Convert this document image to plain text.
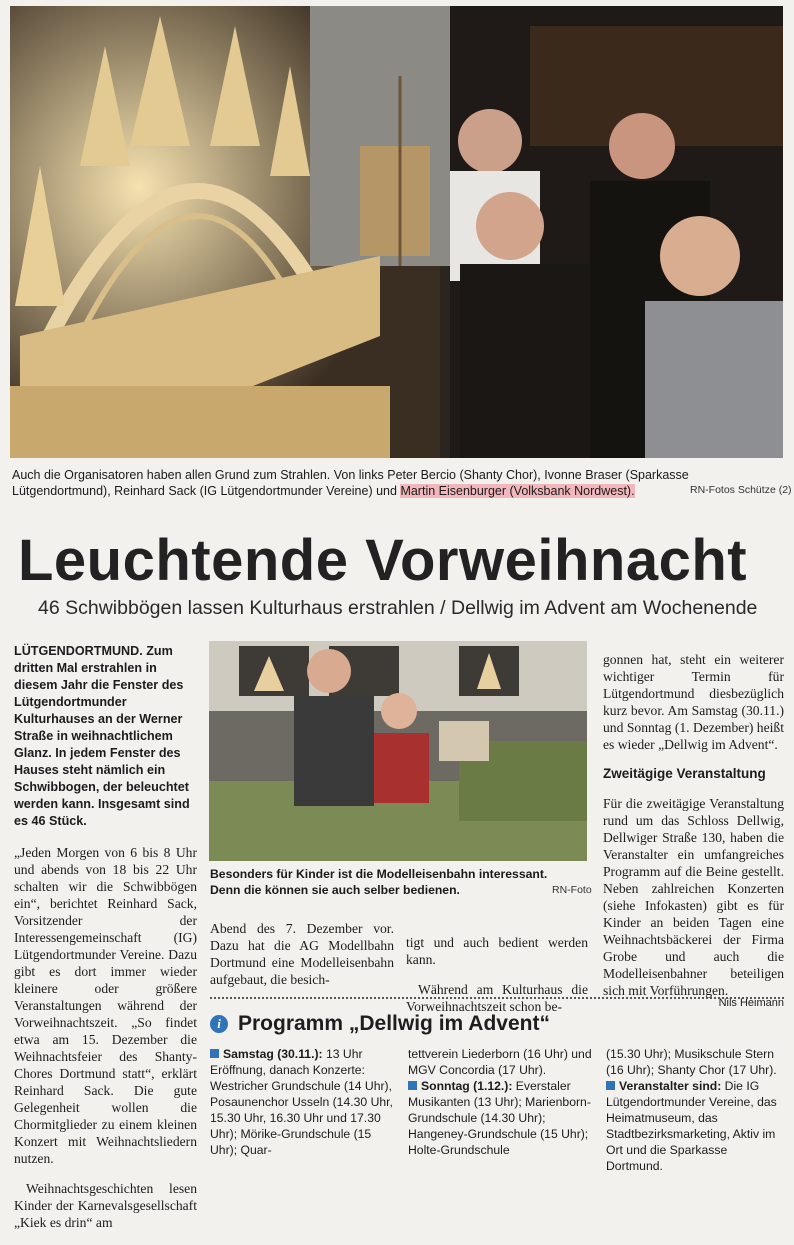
Auch die Organisatoren haben allen Grund zum Strahlen. Von links Peter Bercio (Shanty Chor), Ivonne Braser (Sparkasse Lütgendortmund), Reinhard Sack (IG Lütgendortmunder Vereine) und Martin Eisenburger (Volksbank Nordwest).	RN-Fotos Schütze (2)
Leuchtende Vorweihnacht
46 Schwibbögen lassen Kulturhaus erstrahlen / Dellwig im Advent am Wochenende

LÜTGENDORTMUND. Zum dritten Mal erstrahlen in diesem Jahr die Fenster des Lütgendortmunder Kulturhauses an der Werner Straße in weihnachtlichem Glanz. In jedem Fenster des Hauses steht nämlich ein Schwibbogen, der beleuchtet werden kann. Insgesamt sind es 46 Stück.

„Jeden Morgen von 6 bis 8 Uhr und abends von 18 bis 22 Uhr schalten wir die Schwibbögen ein“, berichtet Reinhard Sack, Vorsitzender der Interessengemeinschaft (IG) Lütgendortmunder Vereine. Dazu gibt es dort immer wieder kleinere oder größere Veranstaltungen während der Vorweihnachtszeit. „So findet etwa am 15. Dezember die Weihnachtsfeier des Shanty-Chores Dortmund statt“, erklärt Reinhard Sack. Die gute Gelegenheit wollen die Chormitglieder zu einem kleinen Konzert mit Weihnachtsliedern nutzen.

Weihnachtsgeschichten lesen Kinder der Karnevalsgesellschaft „Kiek es drin“ am

Besonders für Kinder ist die Modelleisenbahn interessant. Denn die können sie auch selber bedienen.	RN-Foto
Abend des 7. Dezember vor. Dazu hat die AG Modellbahn Dortmund eine Modelleisenbahn aufgebaut, die besich-

tigt und auch bedient werden kann.

Während am Kulturhaus die Vorweihnachtszeit schon be-

gonnen hat, steht ein weiterer wichtiger Termin für Lütgendortmund diesbezüglich kurz bevor. Am Samstag (30.11.) und Sonntag (1. Dezember) heißt es wieder „Dellwig im Advent“.

Zweitägige Veranstaltung

Für die zweitägige Veranstaltung rund um das Schloss Dellwig, Dellwiger Straße 130, haben die Veranstalter ein umfangreiches Programm auf die Beine gestellt. Neben zahlreichen Konzerten (siehe Infokasten) gibt es für Kinder an beiden Tagen eine Weihnachtsbäckerei der Firma Grobe und auch die Modelleisenbahner beteiligen sich mit Vorführungen.

Nils Heimann
i Programm „Dellwig im Advent“
Samstag (30.11.): 13 Uhr Eröffnung, danach Konzerte: Westricher Grundschule (14 Uhr), Posaunenchor Usseln (14.30 Uhr, 15.30 Uhr, 16.30 Uhr und 17.30 Uhr); Mörike-Grundschule (15 Uhr); Quar-
tettverein Liederborn (16 Uhr) und MGV Concordia (17 Uhr).
Sonntag (1.12.): Everstaler Musikanten (13 Uhr); Marienborn-Grundschule (14.30 Uhr); Hangeney-Grundschule (15 Uhr); Holte-Grundschule
(15.30 Uhr); Musikschule Stern (16 Uhr); Shanty Chor (17 Uhr).
Veranstalter sind: Die IG Lütgendortmunder Vereine, das Heimatmuseum, das Stadtbezirksmarketing, Aktiv im Ort und die Sparkasse Dortmund.
